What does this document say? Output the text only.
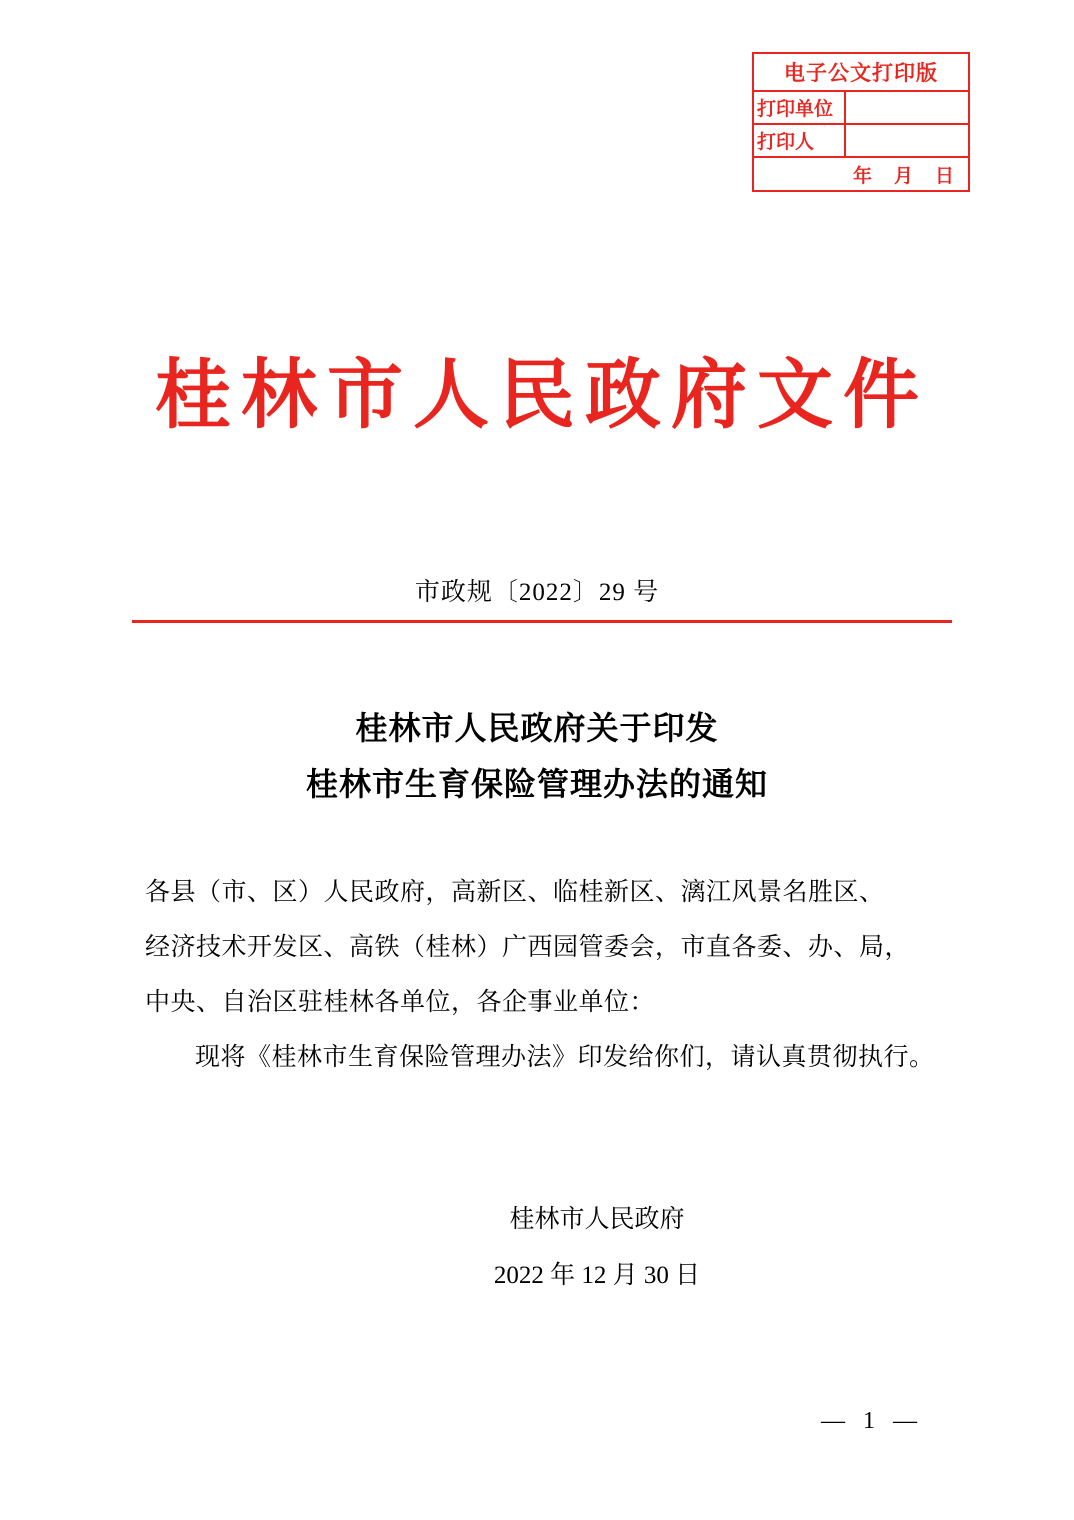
电子公文打印版
打印单位
打印人
年 月 日
桂林市人民政府文件
市政规〔2022〕29 号
桂林市人民政府关于印发
桂林市生育保险管理办法的通知

各县（市、区）人民政府，高新区、临桂新区、漓江风景名胜区、

经济技术开发区、高铁（桂林）广西园管委会，市直各委、办、局，

中央、自治区驻桂林各单位，各企事业单位：

现将《桂林市生育保险管理办法》印发给你们，请认真贯彻执行。

桂林市人民政府
2022 年 12 月 30 日
— 1 —
